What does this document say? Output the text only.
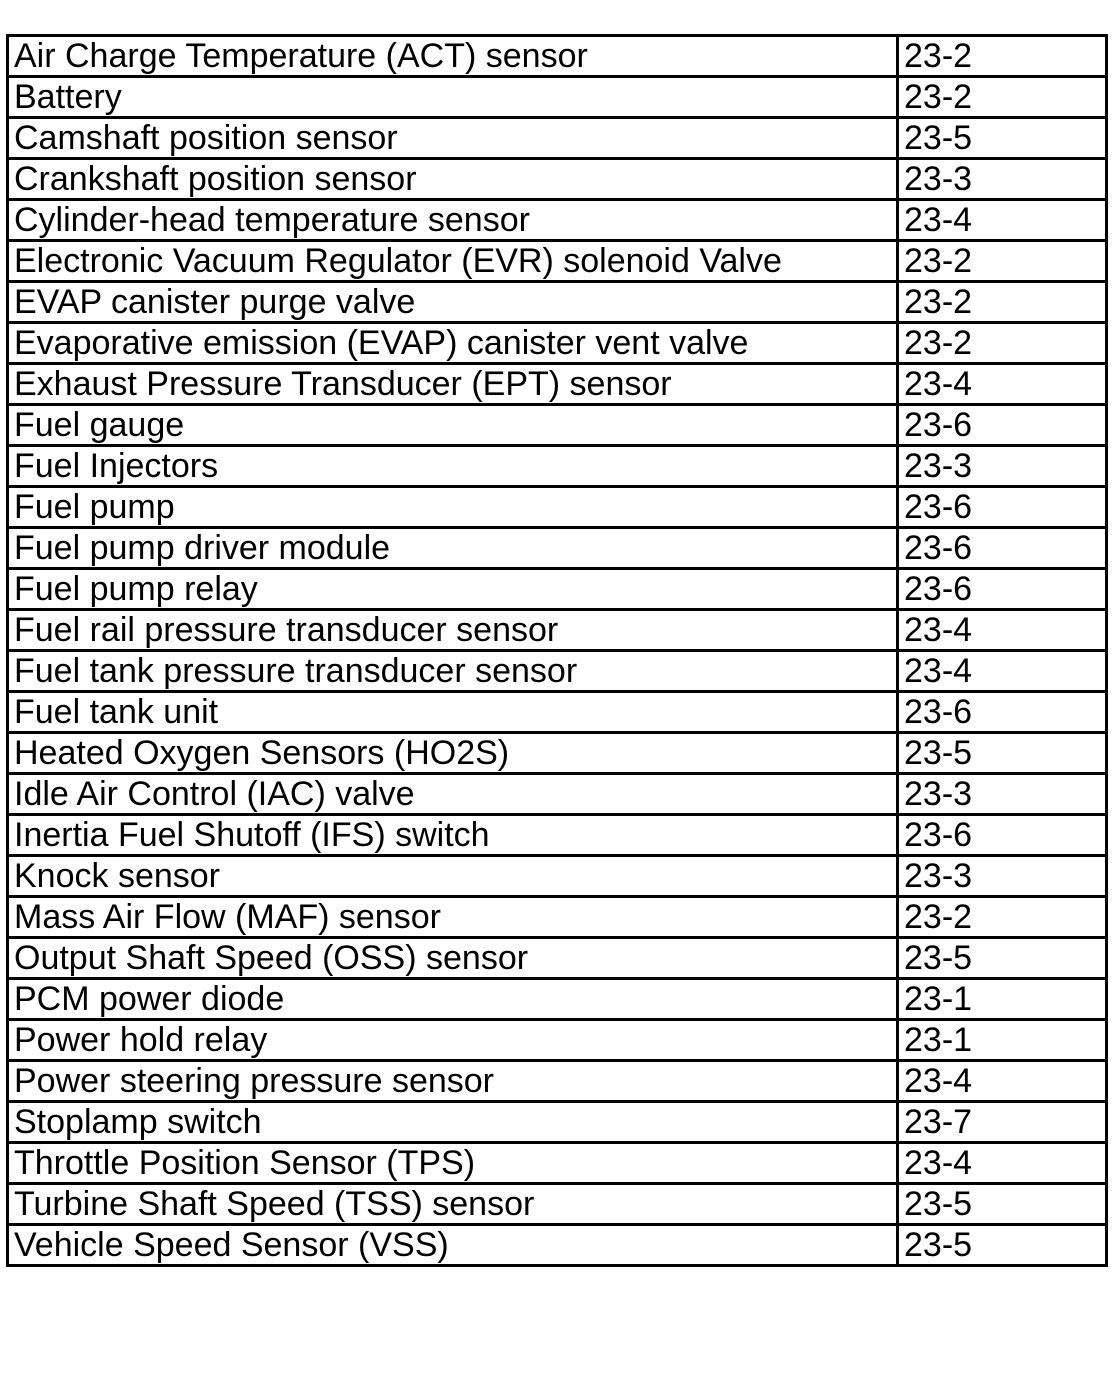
Air Charge Temperature (ACT) sensor	23-2
Battery	23-2
Camshaft position sensor	23-5
Crankshaft position sensor	23-3
Cylinder-head temperature sensor	23-4
Electronic Vacuum Regulator (EVR) solenoid Valve	23-2
EVAP canister purge valve	23-2
Evaporative emission (EVAP) canister vent valve	23-2
Exhaust Pressure Transducer (EPT) sensor	23-4
Fuel gauge	23-6
Fuel Injectors	23-3
Fuel pump	23-6
Fuel pump driver module	23-6
Fuel pump relay	23-6
Fuel rail pressure transducer sensor	23-4
Fuel tank pressure transducer sensor	23-4
Fuel tank unit	23-6
Heated Oxygen Sensors (HO2S)	23-5
Idle Air Control (IAC) valve	23-3
Inertia Fuel Shutoff (IFS) switch	23-6
Knock sensor	23-3
Mass Air Flow (MAF) sensor	23-2
Output Shaft Speed (OSS) sensor	23-5
PCM power diode	23-1
Power hold relay	23-1
Power steering pressure sensor	23-4
Stoplamp switch	23-7
Throttle Position Sensor (TPS)	23-4
Turbine Shaft Speed (TSS) sensor	23-5
Vehicle Speed Sensor (VSS)	23-5
